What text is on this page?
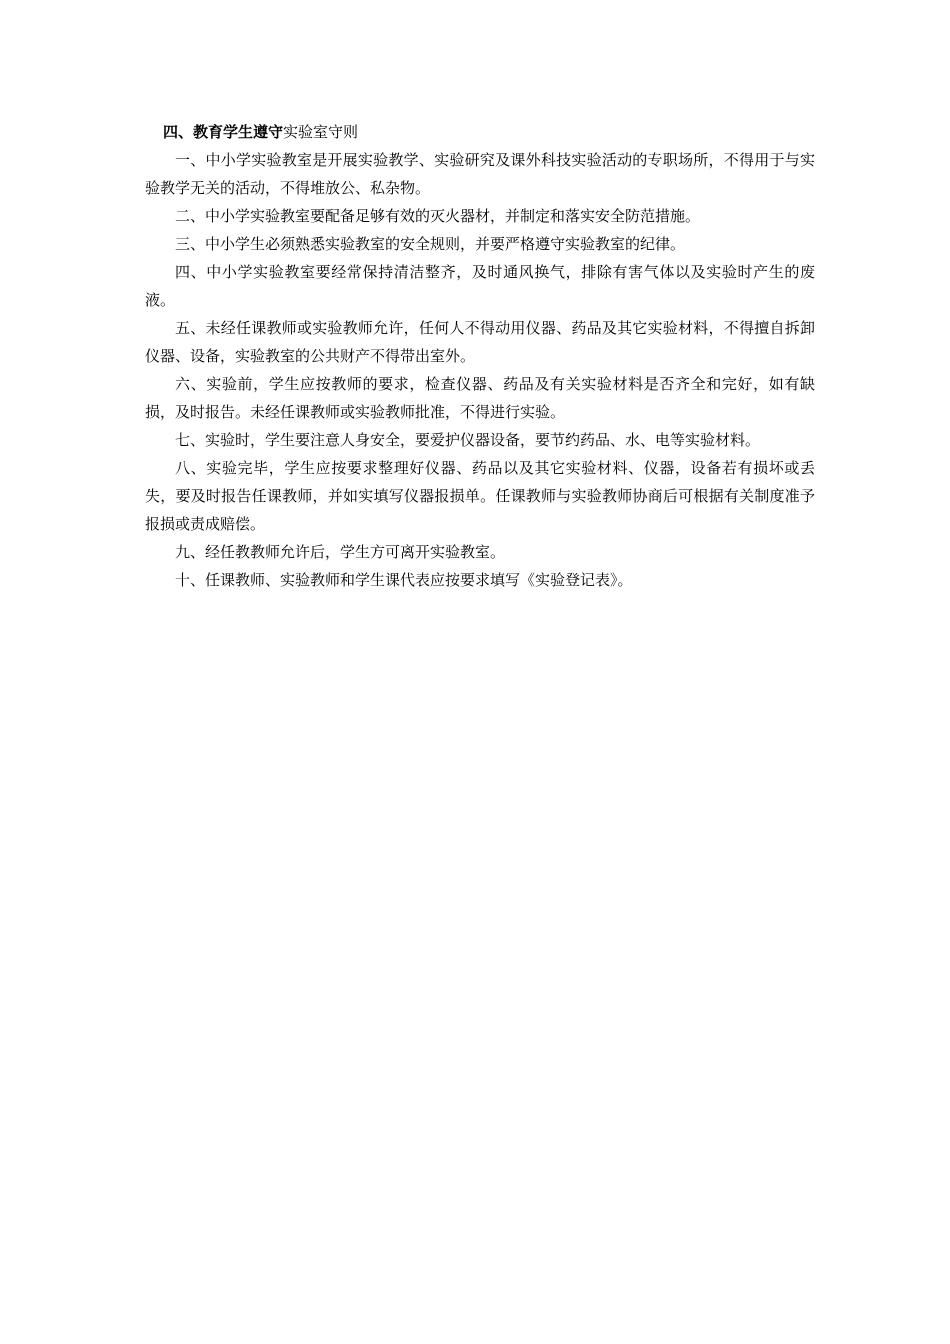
四、教育学生遵守实验室守则

一、中小学实验教室是开展实验教学、实验研究及课外科技实验活动的专职场所，不得用于与实验教学无关的活动，不得堆放公、私杂物。

二、中小学实验教室要配备足够有效的灭火器材，并制定和落实安全防范措施。

三、中小学生必须熟悉实验教室的安全规则，并要严格遵守实验教室的纪律。

四、中小学实验教室要经常保持清洁整齐，及时通风换气，排除有害气体以及实验时产生的废液。

五、未经任课教师或实验教师允许，任何人不得动用仪器、药品及其它实验材料，不得擅自拆卸仪器、设备，实验教室的公共财产不得带出室外。

六、实验前，学生应按教师的要求，检查仪器、药品及有关实验材料是否齐全和完好，如有缺损，及时报告。未经任课教师或实验教师批准，不得进行实验。

七、实验时，学生要注意人身安全，要爱护仪器设备，要节约药品、水、电等实验材料。

八、实验完毕，学生应按要求整理好仪器、药品以及其它实验材料、仪器，设备若有损坏或丢失，要及时报告任课教师，并如实填写仪器报损单。任课教师与实验教师协商后可根据有关制度准予报损或责成赔偿。

九、经任教教师允许后，学生方可离开实验教室。

十、任课教师、实验教师和学生课代表应按要求填写《实验登记表》。
